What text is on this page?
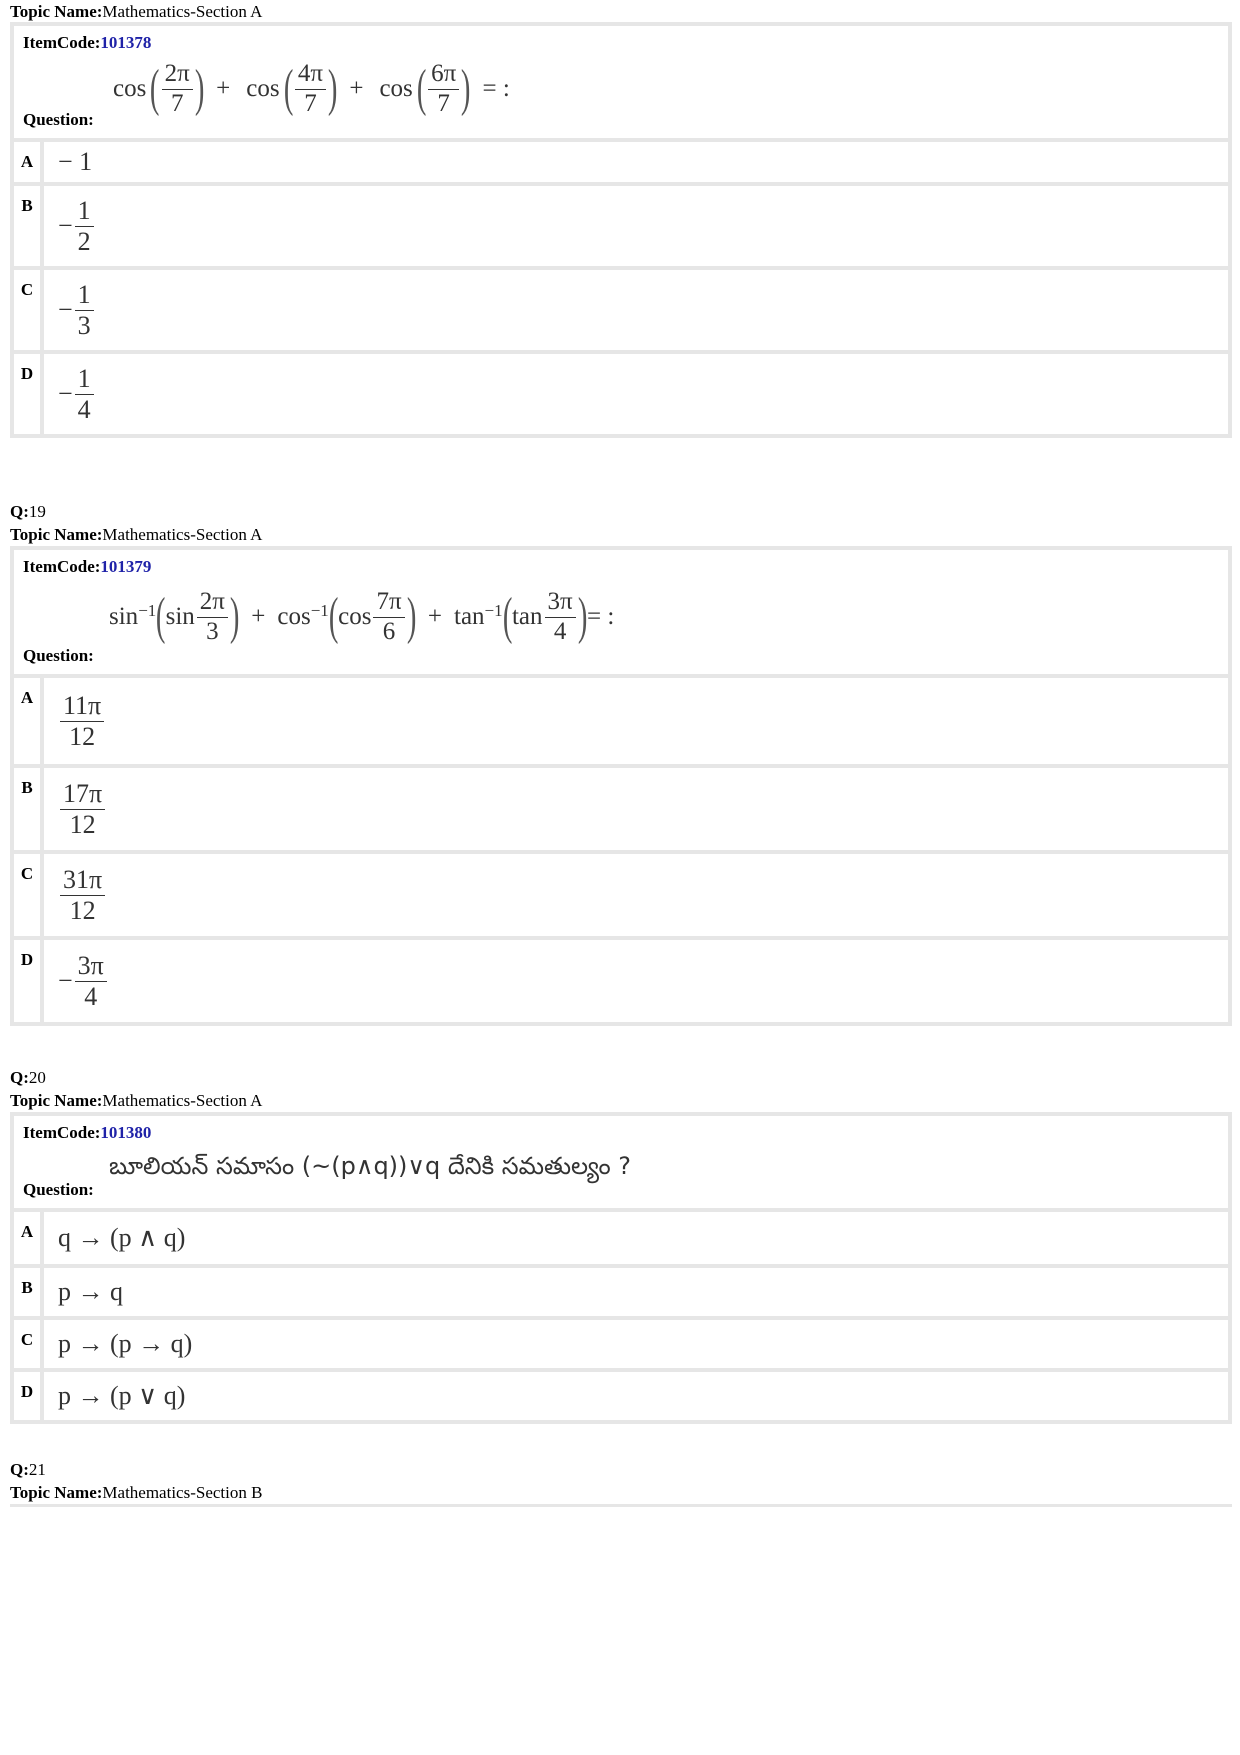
Topic Name:Mathematics-Section A
ItemCode:101378
cos ( $\frac{2\pi}{7}$ ) + cos ( $\frac{4\pi}{7}$ ) + cos ( $\frac{6\pi}{7}$ ) = :
Question:
A − 1
B
− $\frac{1}{2}$
C
− $\frac{1}{3}$
D
− $\frac{1}{4}$
Q:19
Topic Name:Mathematics-Section A
ItemCode:101379
sin −1 ( $\sin \frac{2\pi}{3}$ ) + cos −1 ( $\cos \frac{7\pi}{6}$ ) + tan −1 ( $\tan \frac{3\pi}{4}$ ) = :
Question:
A $\frac{11\pi}{12}$
B $\frac{17\pi}{12}$
C $\frac{31\pi}{12}$
D
− $\frac{3\pi}{4}$
Q:20
Topic Name:Mathematics-Section A
ItemCode:101380
బూలియన్ సమాసం (~(p∧q))∨q దేనికి సమతుల్యం ?
Question:
A q → (p ∧ q)
B p → q
C p → (p → q)
D p → (p ∨ q)
Q:21
Topic Name:Mathematics-Section B
